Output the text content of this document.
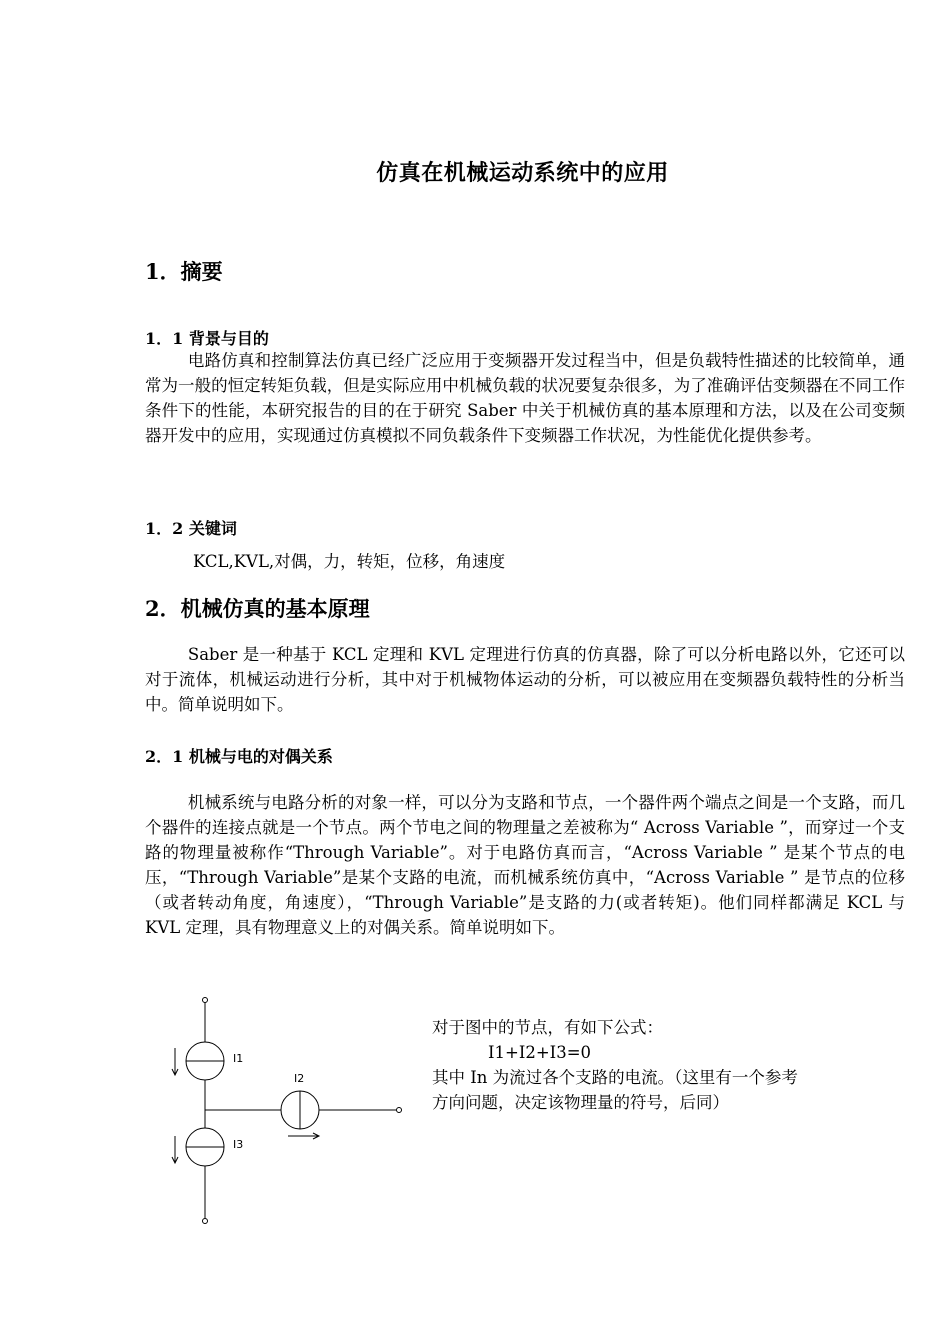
仿真在机械运动系统中的应用
1．摘要
1．1 背景与目的

电路仿真和控制算法仿真已经广泛应用于变频器开发过程当中，但是负载特性描述的比较简单，通常为一般的恒定转矩负载，但是实际应用中机械负载的状况要复杂很多，为了准确评估变频器在不同工作条件下的性能，本研究报告的目的在于研究 Saber 中关于机械仿真的基本原理和方法，以及在公司变频器开发中的应用，实现通过仿真模拟不同负载条件下变频器工作状况，为性能优化提供参考。

1．2 关键词
KCL,KVL,对偶，力，转矩，位移，角速度
2．机械仿真的基本原理

Saber 是一种基于 KCL 定理和 KVL 定理进行仿真的仿真器，除了可以分析电路以外，它还可以对于流体，机械运动进行分析，其中对于机械物体运动的分析，可以被应用在变频器负载特性的分析当中。简单说明如下。

2．1 机械与电的对偶关系

机械系统与电路分析的对象一样，可以分为支路和节点，一个器件两个端点之间是一个支路，而几个器件的连接点就是一个节点。两个节电之间的物理量之差被称为“ Across Variable ”，而穿过一个支路的物理量被称作“Through Variable”。对于电路仿真而言，“Across Variable ” 是某个节点的电压，“Through Variable”是某个支路的电流，而机械系统仿真中，“Across Variable ” 是节点的位移（或者转动角度，角速度），“Through Variable”是支路的力(或者转矩)。他们同样都满足 KCL 与 KVL 定理，具有物理意义上的对偶关系。简单说明如下。

I1
I2
I3

对于图中的节点，有如下公式：

I1+I2+I3=0

其中 In 为流过各个支路的电流。（这里有一个参考

方向问题，决定该物理量的符号，后同）
